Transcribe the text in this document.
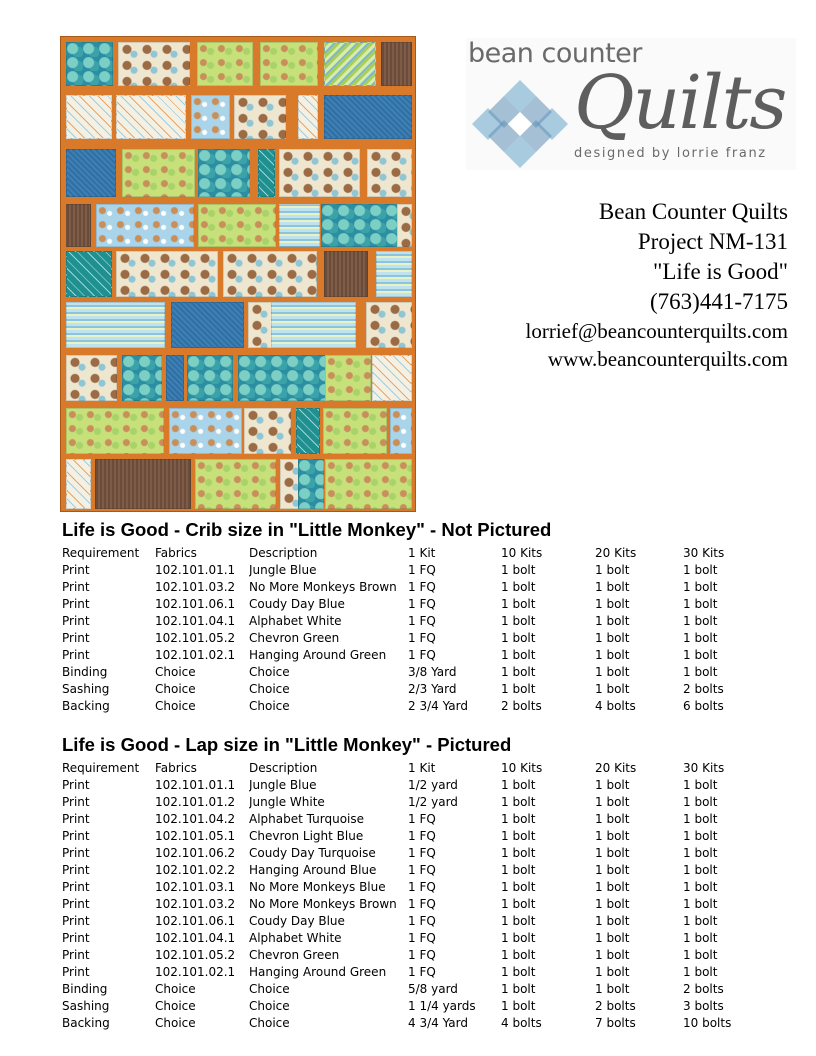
bean counter
Quilts
designed by lorrie franz
Bean Counter Quilts
Project NM-131
"Life is Good"
(763)441-7175
lorrief@beancounterquilts.com
www.beancounterquilts.com
Life is Good - Crib size in "Little Monkey" - Not Pictured
Requirement	Fabrics	Description	1 Kit	10 Kits	20 Kits	30 Kits
Print	102.101.01.1	Jungle Blue	1 FQ	1 bolt	1 bolt	1 bolt
Print	102.101.03.2	No More Monkeys Brown 1 FQ	1 bolt	1 bolt	1 bolt
Print	102.101.06.1	Coudy Day Blue	1 FQ	1 bolt	1 bolt	1 bolt
Print	102.101.04.1	Alphabet White	1 FQ	1 bolt	1 bolt	1 bolt
Print	102.101.05.2	Chevron Green	1 FQ	1 bolt	1 bolt	1 bolt
Print	102.101.02.1	Hanging Around Green	1 FQ	1 bolt	1 bolt	1 bolt
Binding	Choice	Choice	3/8 Yard	1 bolt	1 bolt	1 bolt
Sashing	Choice	Choice	2/3 Yard	1 bolt	1 bolt	2 bolts
Backing	Choice	Choice	2 3/4 Yard	2 bolts	4 bolts	6 bolts
Life is Good - Lap size in "Little Monkey" - Pictured
Requirement	Fabrics	Description	1 Kit	10 Kits	20 Kits	30 Kits
Print	102.101.01.1	Jungle Blue	1/2 yard	1 bolt	1 bolt	1 bolt
Print	102.101.01.2	Jungle White	1/2 yard	1 bolt	1 bolt	1 bolt
Print	102.101.04.2	Alphabet Turquoise	1 FQ	1 bolt	1 bolt	1 bolt
Print	102.101.05.1	Chevron Light Blue	1 FQ	1 bolt	1 bolt	1 bolt
Print	102.101.06.2	Coudy Day Turquoise	1 FQ	1 bolt	1 bolt	1 bolt
Print	102.101.02.2	Hanging Around Blue	1 FQ	1 bolt	1 bolt	1 bolt
Print	102.101.03.1	No More Monkeys Blue	1 FQ	1 bolt	1 bolt	1 bolt
Print	102.101.03.2	No More Monkeys Brown 1 FQ	1 bolt	1 bolt	1 bolt
Print	102.101.06.1	Coudy Day Blue	1 FQ	1 bolt	1 bolt	1 bolt
Print	102.101.04.1	Alphabet White	1 FQ	1 bolt	1 bolt	1 bolt
Print	102.101.05.2	Chevron Green	1 FQ	1 bolt	1 bolt	1 bolt
Print	102.101.02.1	Hanging Around Green	1 FQ	1 bolt	1 bolt	1 bolt
Binding	Choice	Choice	5/8 yard	1 bolt	1 bolt	2 bolts
Sashing	Choice	Choice	1 1/4 yards	1 bolt	2 bolts	3 bolts
Backing	Choice	Choice	4 3/4 Yard	4 bolts	7 bolts	10 bolts
